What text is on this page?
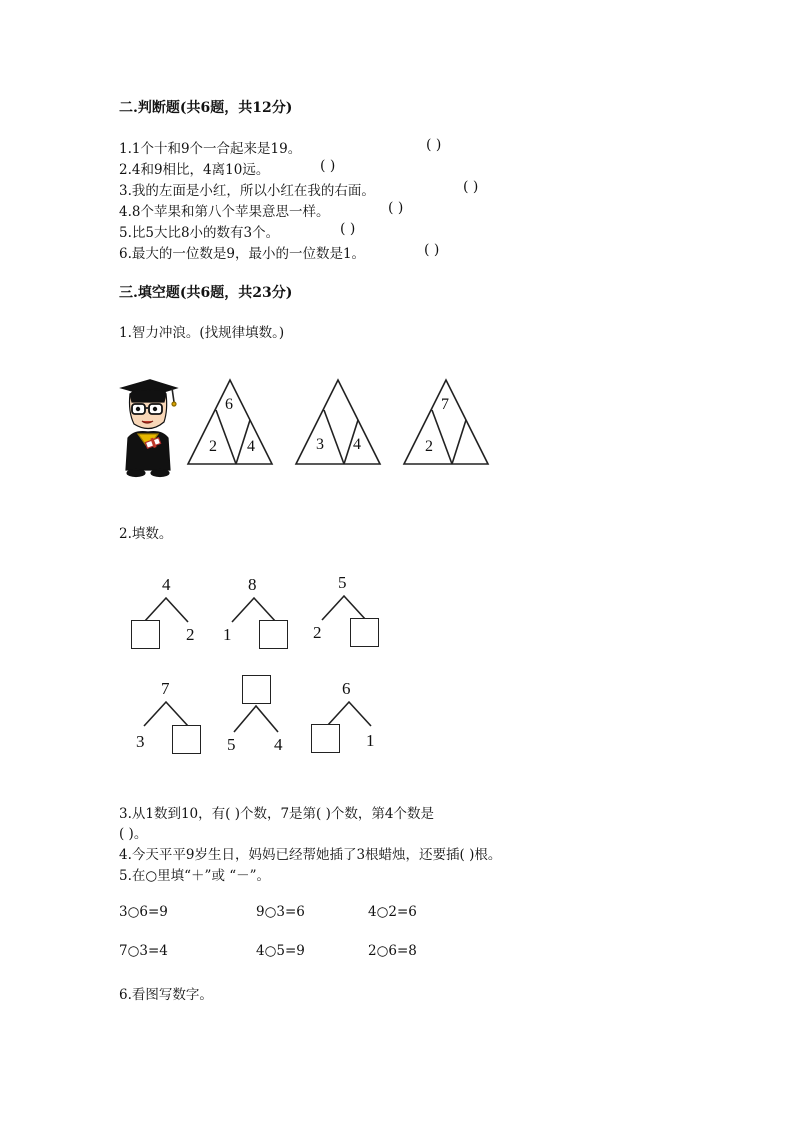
二.判断题(共6题，共12分)
1.1个十和9个一合起来是19。	( )
2.4和9相比，4离10远。	( )
3.我的左面是小红，所以小红在我的右面。	( )
4.8个苹果和第八个苹果意思一样。	( )
5.比5大比8小的数有3个。	( )
6.最大的一位数是9，最小的一位数是1。	( )
三.填空题(共6题，共23分)
1.智力冲浪。(找规律填数。)
6
2 4	3 4
7
2
2.填数。
4
2
8
1
5
2
7
3	5 4
6
1
3.从1数到10，有( )个数，7是第( )个数，第4个数是
( )。
4.今天平平9岁生日，妈妈已经帮她插了3根蜡烛，还要插( )根。
5.在○里填“＋”或 “－”。
3○6=9	9○3=6	4○2=6
7○3=4	4○5=9	2○6=8
6.看图写数字。
